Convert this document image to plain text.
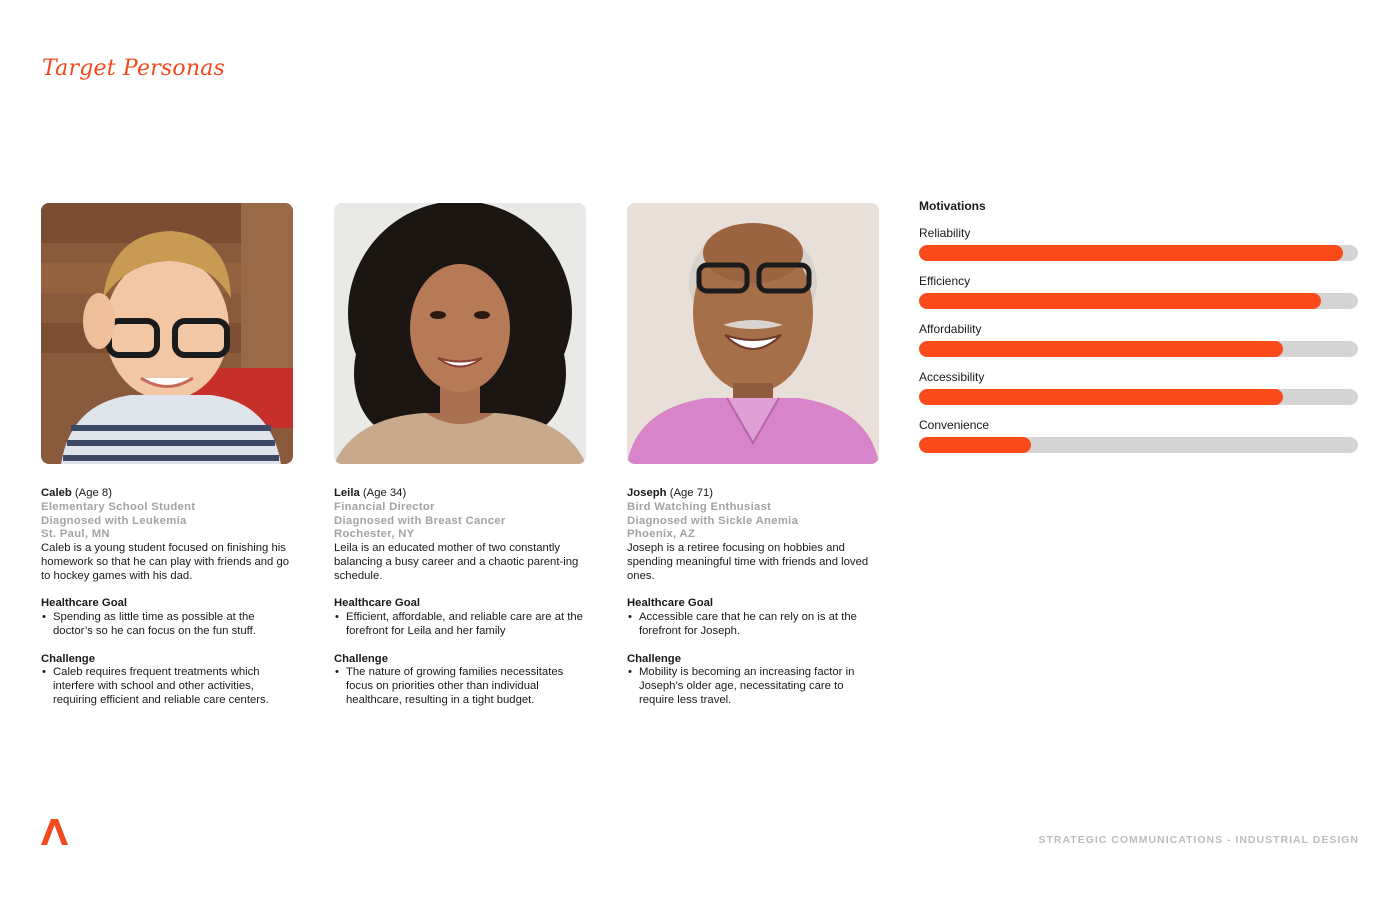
Target Personas
Caleb (Age 8)
Elementary School Student
Diagnosed with Leukemia
St. Paul, MN
Caleb is a young student focused on finishing his homework so that he can play with friends and go to hockey games with his dad.
Healthcare Goal
• Spending as little time as possible at the doctor’s so he can focus on the fun stuff.
Challenge
• Caleb requires frequent treatments which interfere with school and other activities, requiring efficient and reliable care centers.
Leila (Age 34)
Financial Director
Diagnosed with Breast Cancer
Rochester, NY
Leila is an educated mother of two constantly balancing a busy career and a chaotic parent-ing schedule.
Healthcare Goal
• Efficient, affordable, and reliable care are at the forefront for Leila and her family
Challenge
• The nature of growing families necessitates focus on priorities other than individual healthcare, resulting in a tight budget.
Joseph (Age 71)
Bird Watching Enthusiast
Diagnosed with Sickle Anemia
Phoenix, AZ
Joseph is a retiree focusing on hobbies and spending meaningful time with friends and loved ones.
Healthcare Goal
• Accessible care that he can rely on is at the forefront for Joseph.
Challenge
• Mobility is becoming an increasing factor in Joseph’s older age, necessitating care to require less travel.
Motivations
Reliability
Efficiency
Affordability
Accessibility
Convenience
STRATEGIC COMMUNICATIONS - INDUSTRIAL DESIGN
